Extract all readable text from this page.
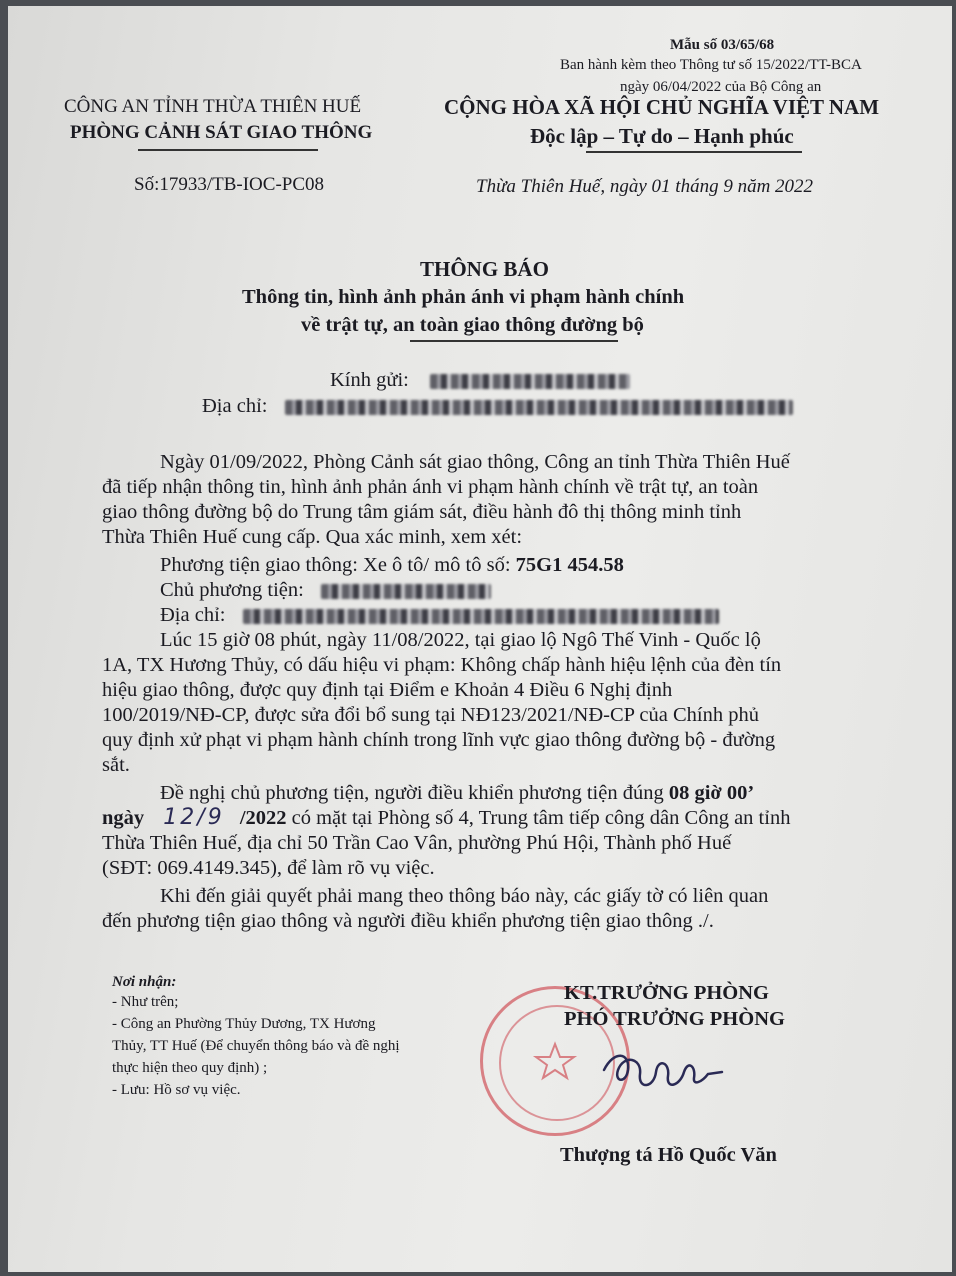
Mẫu số 03/65/68
Ban hành kèm theo Thông tư số 15/2022/TT-BCA
ngày 06/04/2022 của Bộ Công an
CÔNG AN TỈNH THỪA THIÊN HUẾ
PHÒNG CẢNH SÁT GIAO THÔNG
Số:17933/TB-IOC-PC08
CỘNG HÒA XÃ HỘI CHỦ NGHĨA VIỆT NAM
Độc lập – Tự do – Hạnh phúc
Thừa Thiên Huế, ngày 01 tháng 9 năm 2022
THÔNG BÁO
Thông tin, hình ảnh phản ánh vi phạm hành chính
về trật tự, an toàn giao thông đường bộ
Kính gửi:
Địa chỉ:
Ngày 01/09/2022, Phòng Cảnh sát giao thông, Công an tỉnh Thừa Thiên Huế
đã tiếp nhận thông tin, hình ảnh phản ánh vi phạm hành chính về trật tự, an toàn
giao thông đường bộ do Trung tâm giám sát, điều hành đô thị thông minh tỉnh
Thừa Thiên Huế cung cấp. Qua xác minh, xem xét:
Phương tiện giao thông: Xe ô tô/ mô tô số: 75G1 454.58
Chủ phương tiện:
Địa chỉ:
Lúc 15 giờ 08 phút, ngày 11/08/2022, tại giao lộ Ngô Thế Vinh - Quốc lộ
1A, TX Hương Thủy, có dấu hiệu vi phạm: Không chấp hành hiệu lệnh của đèn tín
hiệu giao thông, được quy định tại Điểm e Khoản 4 Điều 6 Nghị định
100/2019/NĐ-CP, được sửa đổi bổ sung tại NĐ123/2021/NĐ-CP của Chính phủ
quy định xử phạt vi phạm hành chính trong lĩnh vực giao thông đường bộ - đường
sắt.
Đề nghị chủ phương tiện, người điều khiển phương tiện đúng 08 giờ 00’
ngày 12/9 /2022 có mặt tại Phòng số 4, Trung tâm tiếp công dân Công an tỉnh
Thừa Thiên Huế, địa chỉ 50 Trần Cao Vân, phường Phú Hội, Thành phố Huế
(SĐT: 069.4149.345), để làm rõ vụ việc.
Khi đến giải quyết phải mang theo thông báo này, các giấy tờ có liên quan
đến phương tiện giao thông và người điều khiển phương tiện giao thông ./.
Nơi nhận:
- Như trên;
- Công an Phường Thủy Dương, TX Hương
Thủy, TT Huế (Để chuyển thông báo và đề nghị
thực hiện theo quy định) ;
- Lưu: Hồ sơ vụ việc.
KT.TRƯỞNG PHÒNG
PHÓ TRƯỞNG PHÒNG
Thượng tá Hồ Quốc Văn
